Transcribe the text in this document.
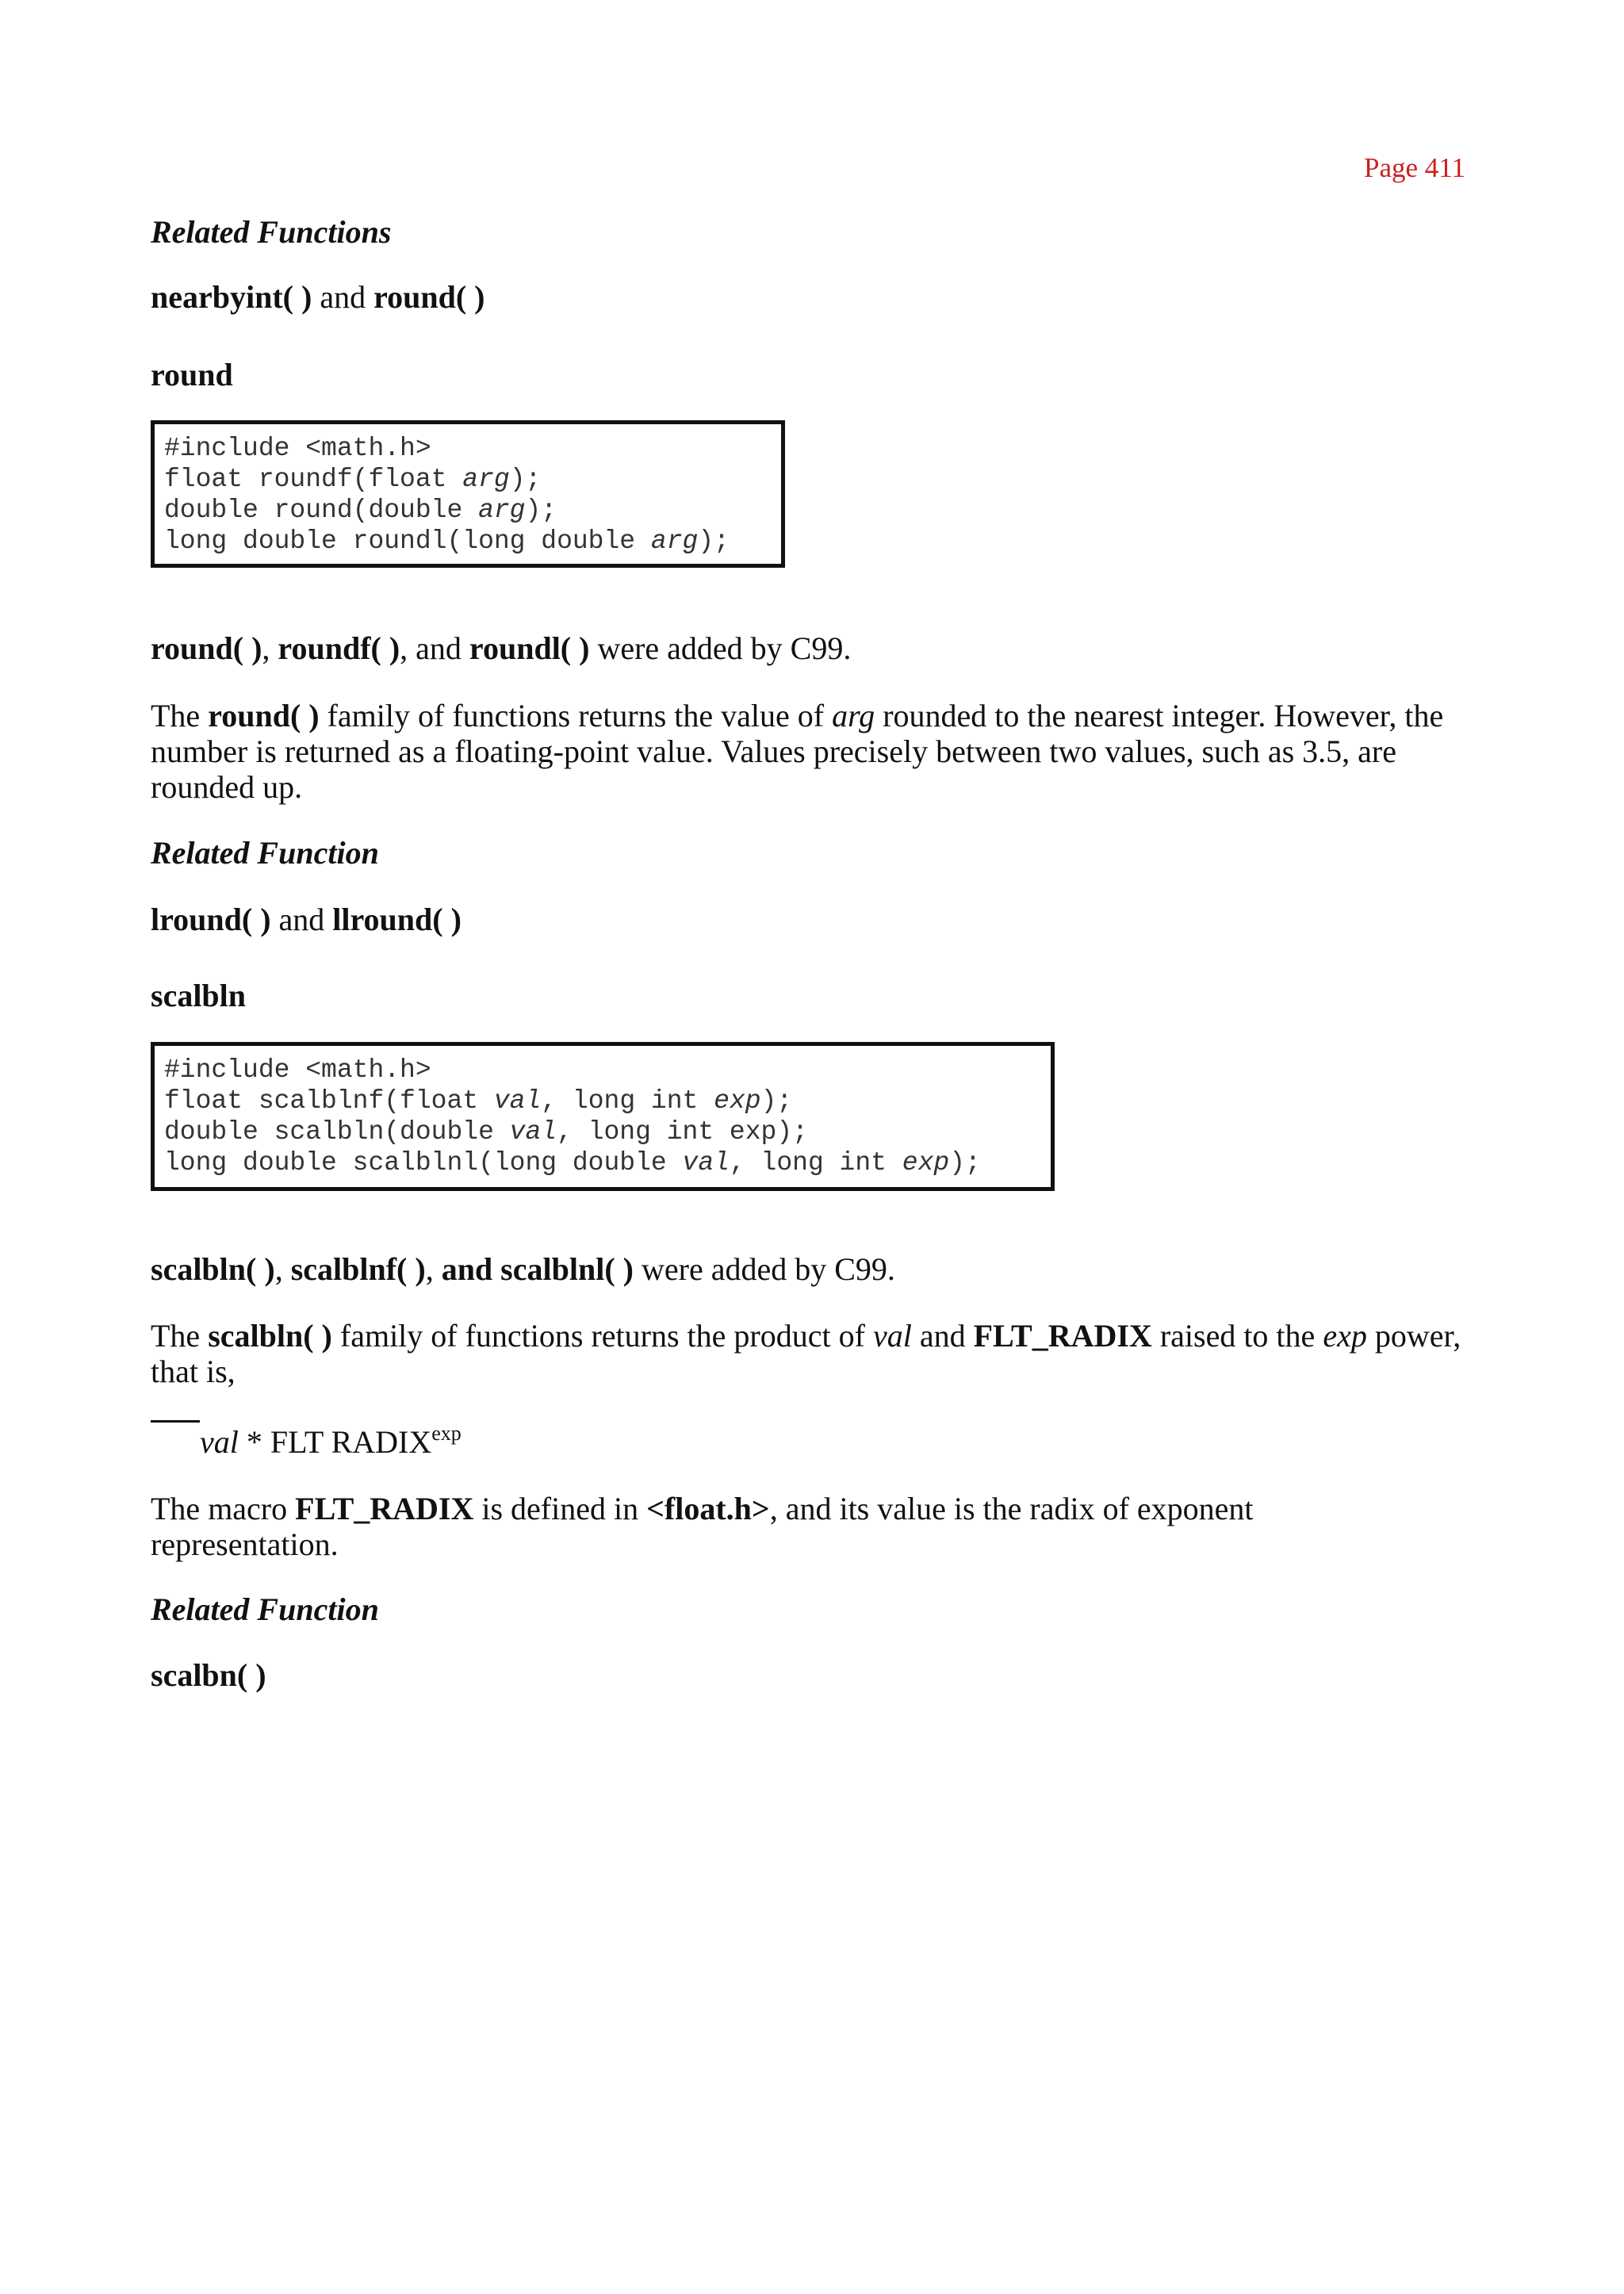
Page 411
Related Functions
nearbyint( ) and round( )
round
#include <math.h>
float roundf(float arg);
double round(double arg);
long double roundl(long double arg);
round( ), roundf( ), and roundl( ) were added by C99.
The round( ) family of functions returns the value of arg rounded to the nearest integer. However, the number is returned as a floating-point value. Values precisely between two values, such as 3.5, are rounded up.
Related Function
lround( ) and llround( )
scalbln
#include <math.h>
float scalblnf(float val, long int exp);
double scalbln(double val, long int exp);
long double scalblnl(long double val, long int exp);
scalbln( ), scalblnf( ), and scalblnl( ) were added by C99.
The scalbln( ) family of functions returns the product of val and FLT_RADIX raised to the exp power, that is,
val * FLT $RADIX^{exp}$
The macro FLT_RADIX is defined in <float.h>, and its value is the radix of exponent representation.
Related Function
scalbn( )
